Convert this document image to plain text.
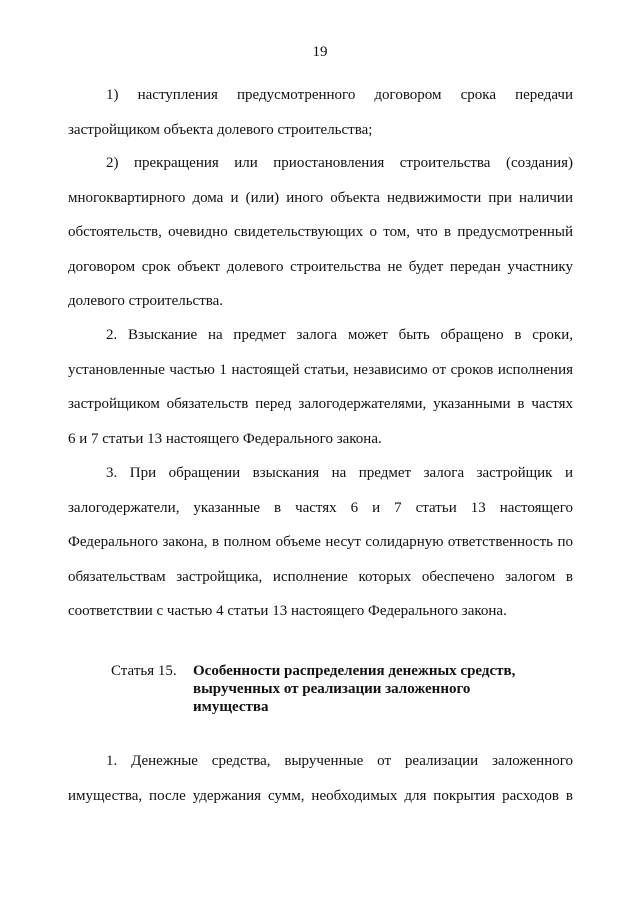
19
1) наступления предусмотренного договором срока передачи
застройщиком объекта долевого строительства;
2) прекращения или приостановления строительства (создания)
многоквартирного дома и (или) иного объекта недвижимости при наличии
обстоятельств, очевидно свидетельствующих о том, что в предусмотренный
договором срок объект долевого строительства не будет передан участнику
долевого строительства.
2. Взыскание на предмет залога может быть обращено в сроки,
установленные частью 1 настоящей статьи, независимо от сроков исполнения
застройщиком обязательств перед залогодержателями, указанными в частях
6 и 7 статьи 13 настоящего Федерального закона.
3. При обращении взыскания на предмет залога застройщик и
залогодержатели, указанные в частях 6 и 7 статьи 13 настоящего
Федерального закона, в полном объеме несут солидарную ответственность по
обязательствам застройщика, исполнение которых обеспечено залогом в
соответствии с частью 4 статьи 13 настоящего Федерального закона.
Статья 15.	Особенности распределения денежных средств,
вырученных от реализации заложенного
имущества
1. Денежные средства, вырученные от реализации заложенного
имущества, после удержания сумм, необходимых для покрытия расходов в
